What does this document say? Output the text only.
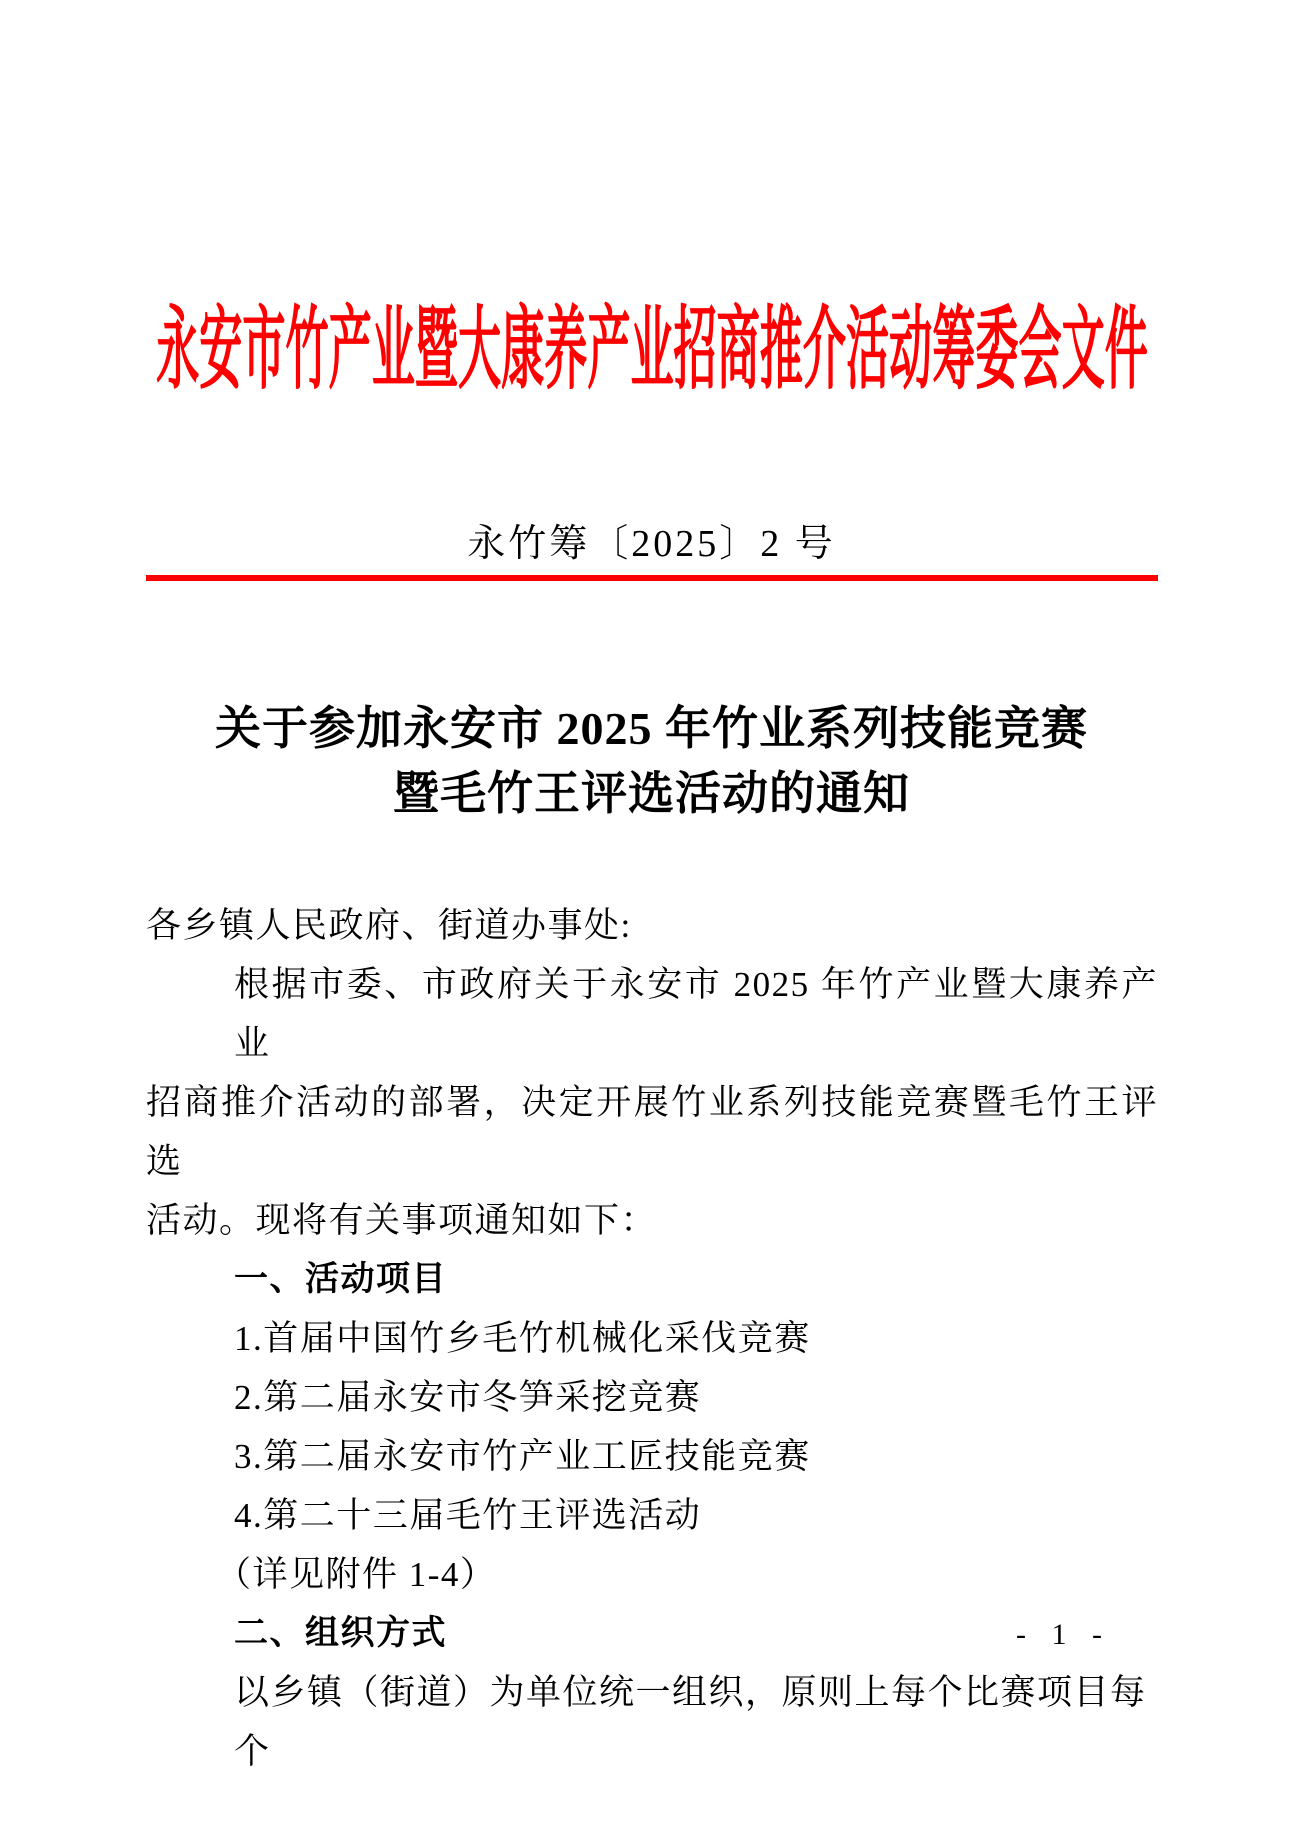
永安市竹产业暨大康养产业招商推介活动筹委会文件
永竹筹〔2025〕2 号
关于参加永安市 2025 年竹业系列技能竞赛
暨毛竹王评选活动的通知
各乡镇人民政府、街道办事处:
根据市委、市政府关于永安市 2025 年竹产业暨大康养产业
招商推介活动的部署，决定开展竹业系列技能竞赛暨毛竹王评选
活动。现将有关事项通知如下：
一、活动项目
1.首届中国竹乡毛竹机械化采伐竞赛
2.第二届永安市冬笋采挖竞赛
3.第二届永安市竹产业工匠技能竞赛
4.第二十三届毛竹王评选活动
（详见附件 1-4）
二、组织方式
以乡镇（街道）为单位统一组织，原则上每个比赛项目每个
- 1 -
